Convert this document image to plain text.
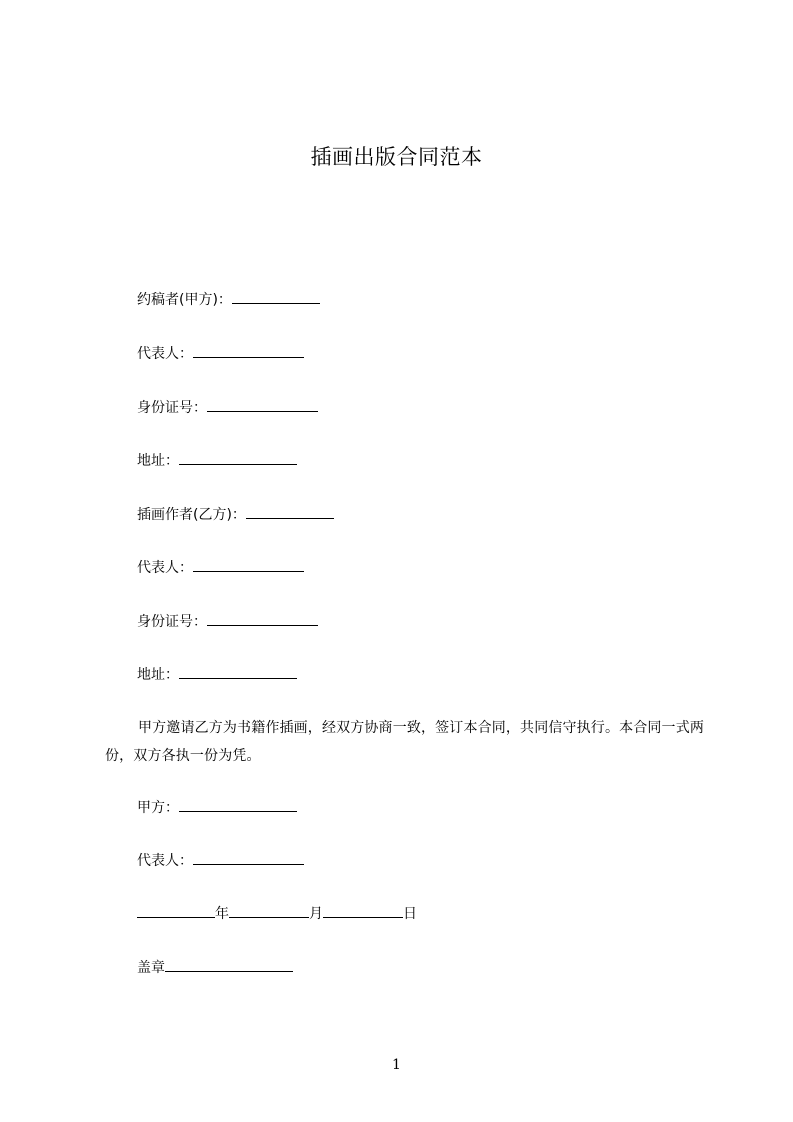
插画出版合同范本
约稿者(甲方)：
代表人：
身份证号：
地址：
插画作者(乙方)：
代表人：
身份证号：
地址：
甲方邀请乙方为书籍作插画，经双方协商一致，签订本合同，共同信守执行。本合同一式两份，双方各执一份为凭。
甲方：
代表人：
年	月	日
盖章
1
